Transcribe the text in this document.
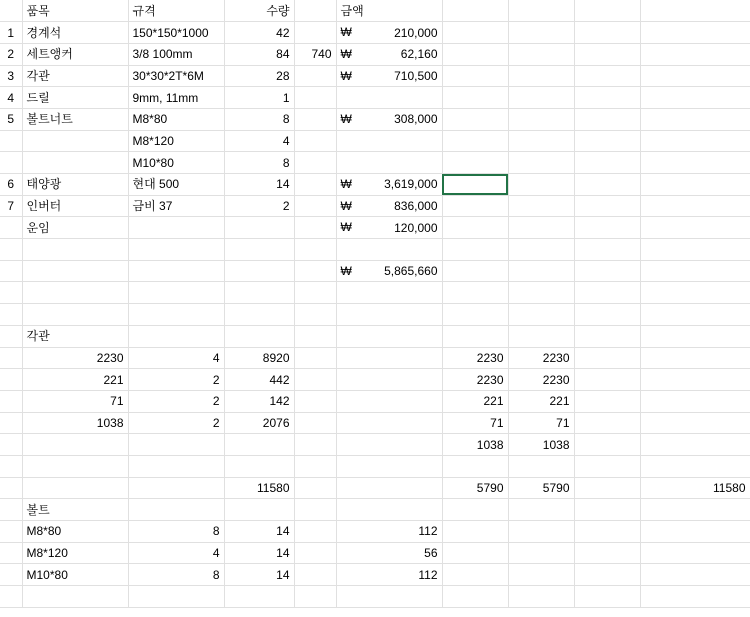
	품목	규격	수량		금액				
1	경계석	150*150*1000	42		₩ 210,000				
2	세트앵커	3/8 100mm	84	740	₩ 62,160				
3	각관	30*30*2T*6M	28		₩ 710,500				
4	드릴	9mm, 11mm	1		

5	볼트너트	M8*80	8		₩ 308,000				
		M8*120	4		

		M10*80	8		

6	태양광	현대 500	14		₩ 3,619,000				
7	인버터	금비 37	2		₩ 836,000				
	운임				₩ 120,000				

					₩ 5,865,660				

	각관								
	2230	4	8920			2230	2230		
	221	2	442			2230	2230		
	71	2	142			221	221		
	1038	2	2076			71	71		
						1038	1038		

			11580			5790	5790		11580
	볼트								
	M8*80	8	14		112				
	M8*120	4	14		56				
	M10*80	8	14		112				
